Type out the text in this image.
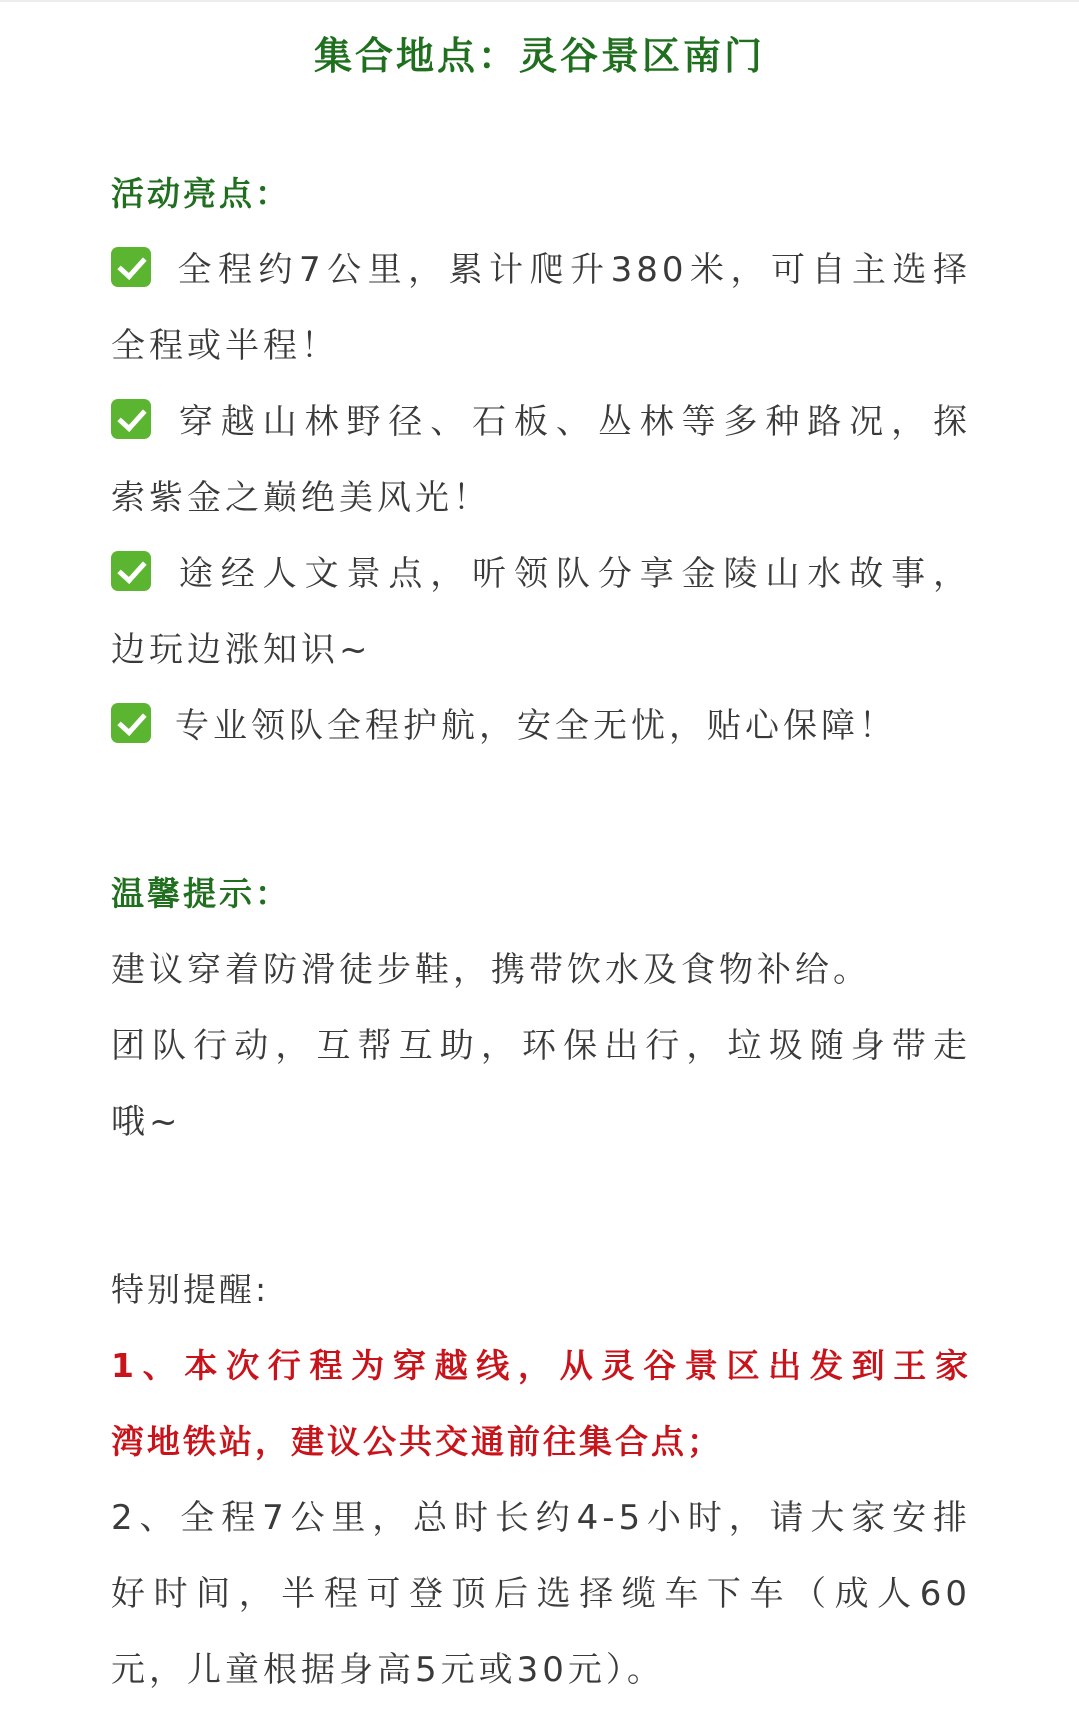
集合地点：灵谷景区南门
活动亮点：
全程约7公里，累计爬升380米，可自主选择
全程或半程！
穿越山林野径、石板、丛林等多种路况，探
索紫金之巅绝美风光！
途经人文景点，听领队分享金陵山水故事，
边玩边涨知识~
专业领队全程护航，安全无忧，贴心保障！
温馨提示：
建议穿着防滑徒步鞋，携带饮水及食物补给。
团队行动，互帮互助，环保出行，垃圾随身带走
哦~
特别提醒:
1、本次行程为穿越线，从灵谷景区出发到王家
湾地铁站，建议公共交通前往集合点；
2、全程7公里，总时长约4-5小时，请大家安排
好时间，半程可登顶后选择缆车下车（成人60
元，儿童根据身高5元或30元）。
